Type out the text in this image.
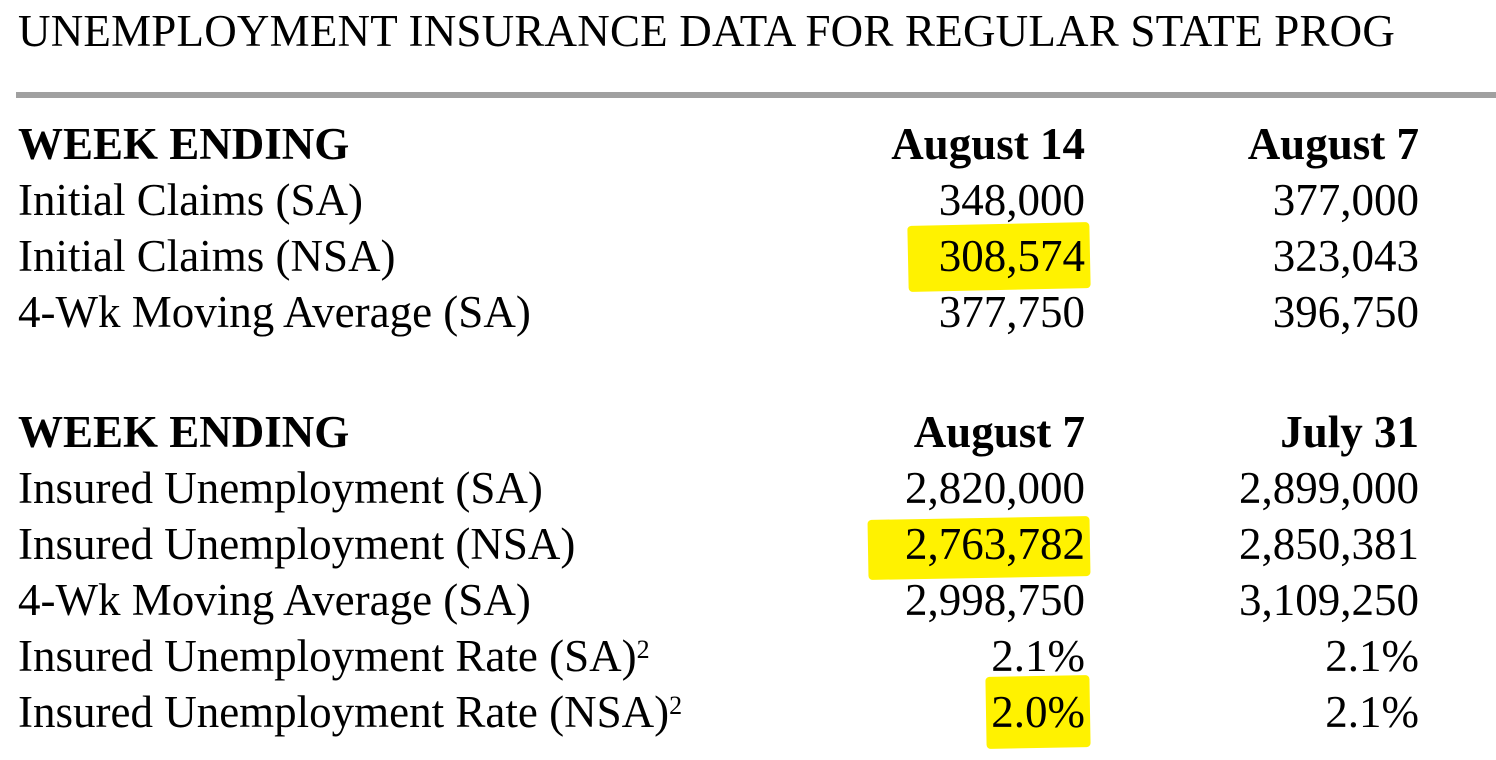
UNEMPLOYMENT INSURANCE DATA FOR REGULAR STATE PROG
WEEK ENDING	August 14	August 7
Initial Claims (SA)	348,000	377,000
Initial Claims (NSA)	308,574	323,043
4-Wk Moving Average (SA)	377,750	396,750
WEEK ENDING	August 7	July 31
Insured Unemployment (SA)	2,820,000	2,899,000
Insured Unemployment (NSA)	2,763,782	2,850,381
4-Wk Moving Average (SA)	2,998,750	3,109,250
Insured Unemployment Rate (SA)$^2$	2.1%	2.1%
Insured Unemployment Rate (NSA)$^2$	2.0%	2.1%
